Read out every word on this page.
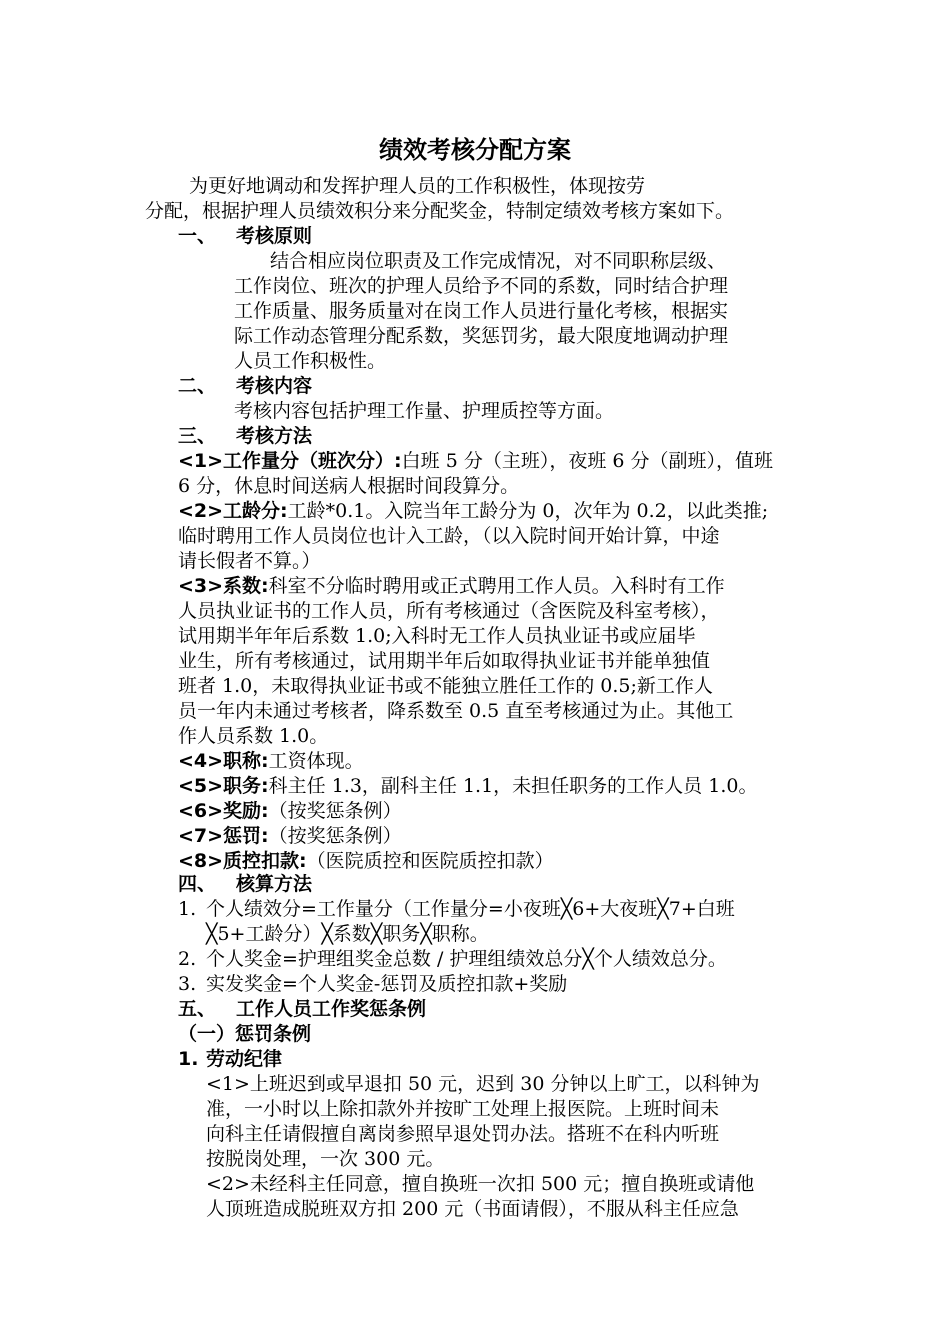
绩效考核分配方案

为更好地调动和发挥护理人员的工作积极性，体现按劳

分配，根据护理人员绩效积分来分配奖金，特制定绩效考核方案如下。

一、 考核原则

结合相应岗位职责及工作完成情况，对不同职称层级、

工作岗位、班次的护理人员给予不同的系数，同时结合护理

工作质量、服务质量对在岗工作人员进行量化考核，根据实

际工作动态管理分配系数，奖惩罚劣，最大限度地调动护理

人员工作积极性。

二、 考核内容
考核内容包括护理工作量、护理质控等方面。
三、 考核方法

<1>工作量分（班次分）:白班 5 分（主班），夜班 6 分（副班），值班

6 分，休息时间送病人根据时间段算分。

<2>工龄分:工龄*0.1。入院当年工龄分为 0，次年为 0.2，以此类推;

临时聘用工作人员岗位也计入工龄，（以入院时间开始计算，中途

请长假者不算。）

<3>系数:科室不分临时聘用或正式聘用工作人员。入科时有工作

人员执业证书的工作人员，所有考核通过（含医院及科室考核），

试用期半年年后系数 1.0;入科时无工作人员执业证书或应届毕

业生，所有考核通过，试用期半年后如取得执业证书并能单独值

班者 1.0，未取得执业证书或不能独立胜任工作的 0.5;新工作人

员一年内未通过考核者，降系数至 0.5 直至考核通过为止。其他工

作人员系数 1.0。

<4>职称:工资体现。

<5>职务:科主任 1.3，副科主任 1.1，未担任职务的工作人员 1.0。

<6>奖励:（按奖惩条例）

<7>惩罚:（按奖惩条例）

<8>质控扣款:（医院质控和医院质控扣款）

四、 核算方法
1. 个人绩效分=工作量分（工作量分=小夜班╳6+大夜班╳7+白班
╳5+工龄分）╳系数╳职务╳职称。
2. 个人奖金=护理组奖金总数 / 护理组绩效总分╳个人绩效总分。
3. 实发奖金=个人奖金-惩罚及质控扣款+奖励
五、 工作人员工作奖惩条例
（一）惩罚条例
1. 劳动纪律

<1>上班迟到或早退扣 50 元，迟到 30 分钟以上旷工，以科钟为

准，一小时以上除扣款外并按旷工处理上报医院。上班时间未

向科主任请假擅自离岗参照早退处罚办法。搭班不在科内听班

按脱岗处理，一次 300 元。

<2>未经科主任同意，擅自换班一次扣 500 元；擅自换班或请他

人顶班造成脱班双方扣 200 元（书面请假），不服从科主任应急
